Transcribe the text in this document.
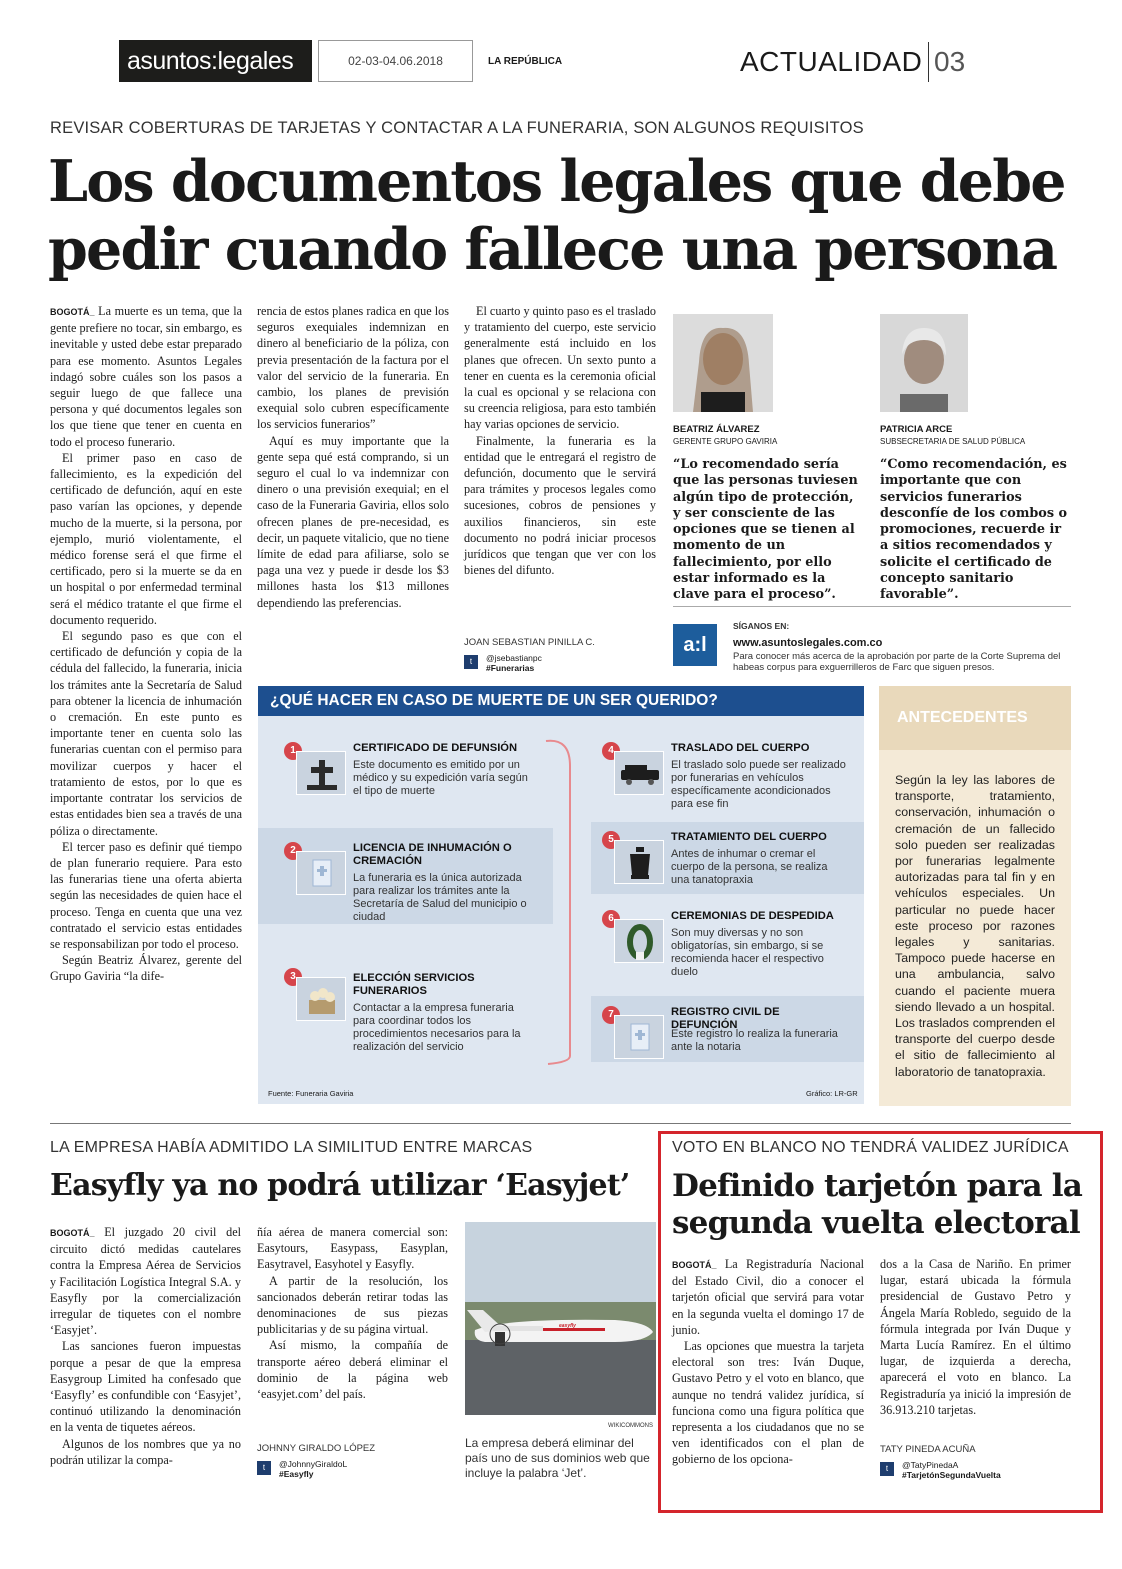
asuntos:legales	02-03-04.06.2018	LA REPÚBLICA	ACTUALIDAD 03
REVISAR COBERTURAS DE TARJETAS Y CONTACTAR A LA FUNERARIA, SON ALGUNOS REQUISITOS
Los documentos legales que debe
pedir cuando fallece una persona

BOGOTÁ_ La muerte es un tema, que la gente prefiere no tocar, sin embargo, es inevitable y usted debe estar preparado para ese momento. Asuntos Legales indagó sobre cuáles son los pasos a seguir luego de que fallece una persona y qué documentos legales son los que tiene que tener en cuenta en todo el proceso funerario.

El primer paso en caso de fallecimiento, es la expedición del certificado de defunción, aquí en este paso varían las opciones, y depende mucho de la muerte, si la persona, por ejemplo, murió violentamente, el médico forense será el que firme el certificado, pero si la muerte se da en un hospital o por enfermedad terminal será el médico tratante el que firme el documento requerido.

El segundo paso es que con el certificado de defunción y copia de la cédula del fallecido, la funeraria, inicia los trámites ante la Secretaría de Salud para obtener la licencia de inhumación o cremación. En este punto es importante tener en cuenta solo las funerarias cuentan con el permiso para movilizar cuerpos y hacer el tratamiento de estos, por lo que es importante contratar los servicios de estas entidades bien sea a través de una póliza o directamente.

El tercer paso es definir qué tiempo de plan funerario requiere. Para esto las funerarias tiene una oferta abierta según las necesidades de quien hace el proceso. Tenga en cuenta que una vez contratado el servicio estas entidades se responsabilizan por todo el proceso.

Según Beatriz Álvarez, gerente del Grupo Gaviria “la dife-

rencia de estos planes radica en que los seguros exequiales indemnizan en dinero al beneficiario de la póliza, con previa presentación de la factura por el valor del servicio de la funeraria. En cambio, los planes de previsión exequial solo cubren específicamente los servicios funerarios”

Aquí es muy importante que la gente sepa qué está comprando, si un seguro el cual lo va indemnizar con dinero o una previsión exequial; en el caso de la Funeraria Gaviria, ellos solo ofrecen planes de pre-necesidad, es decir, un paquete vitalicio, que no tiene límite de edad para afiliarse, solo se paga una vez y puede ir desde los $3 millones hasta los $13 millones dependiendo las preferencias.

El cuarto y quinto paso es el traslado y tratamiento del cuerpo, este servicio generalmente está incluido en los planes que ofrecen. Un sexto punto a tener en cuenta es la ceremonia oficial la cual es opcional y se relaciona con su creencia religiosa, para esto también hay varias opciones de servicio.

Finalmente, la funeraria es la entidad que le entregará el registro de defunción, documento que le servirá para trámites y procesos legales como sucesiones, cobros de pensiones y auxilios financieros, sin este documento no podrá iniciar procesos jurídicos que tengan que ver con los bienes del difunto.

JOAN SEBASTIAN PINILLA C.
t	@jsebastianpc
#Funerarias
BEATRIZ ÁLVAREZ
GERENTE GRUPO GAVIRIA
“Lo recomendado sería que las personas tuviesen algún tipo de protección, y ser consciente de las opciones que se tienen al momento de un fallecimiento, por ello estar informado es la clave para el proceso”.
PATRICIA ARCE
SUBSECRETARIA DE SALUD PÚBLICA
“Como recomendación, es importante que con servicios funerarios desconfíe de los combos o promociones, recuerde ir a sitios recomendados y solicite el certificado de concepto sanitario favorable”.
a:l
SÍGANOS EN:
www.asuntoslegales.com.co
Para conocer más acerca de la aprobación por parte de la Corte Suprema del habeas corpus para exguerrilleros de Farc que siguen presos.
¿QUÉ HACER EN CASO DE MUERTE DE UN SER QUERIDO?
1	CERTIFICADO DE DEFUNSIÓN
Este documento es emitido por un médico y su expedición varía según el tipo de muerte
2	LICENCIA DE INHUMACIÓN O CREMACIÓN
La funeraria es la única autorizada para realizar los trámites ante la Secretaría de Salud del municipio o ciudad
3	ELECCIÓN SERVICIOS FUNERARIOS
Contactar a la empresa funeraria para coordinar todos los procedimientos necesarios para la realización del servicio
4	TRASLADO DEL CUERPO
El traslado solo puede ser realizado por funerarias en vehículos específicamente acondicionados para ese fin
5	TRATAMIENTO DEL CUERPO
Antes de inhumar o cremar el cuerpo de la persona, se realiza una tanatopraxia
6	CEREMONIAS DE DESPEDIDA
Son muy diversas y no son obligatorías, sin embargo, si se recomienda hacer el respectivo duelo
7	REGISTRO CIVIL DE DEFUNCIÓN
Este registro lo realiza la funeraria ante la notaria
Fuente: Funeraria Gaviria	Gráfico: LR-GR
ANTECEDENTES
Según la ley las labores de transporte, tratamiento, conservación, inhumación o cremación de un fallecido solo pueden ser realizadas por funerarias legalmente autorizadas para tal fin y en vehículos especiales. Un particular no puede hacer este proceso por razones legales y sanitarias. Tampoco puede hacerse en una ambulancia, salvo cuando el paciente muera siendo llevado a un hospital. Los traslados comprenden el transporte del cuerpo desde el sitio de fallecimiento al laboratorio de tanatopraxia.
LA EMPRESA HABÍA ADMITIDO LA SIMILITUD ENTRE MARCAS
Easyfly ya no podrá utilizar ‘Easyjet’

BOGOTÁ_ El juzgado 20 civil del circuito dictó medidas cautelares contra la Empresa Aérea de Servicios y Facilitación Logística Integral S.A. y Easyfly por la comercialización irregular de tiquetes con el nombre ‘Easyjet’.

Las sanciones fueron impuestas porque a pesar de que la empresa Easygroup Limited ha confesado que ‘Easyfly’ es confundible con ‘Easyjet’, continuó utilizando la denominación en la venta de tiquetes aéreos.

Algunos de los nombres que ya no podrán utilizar la compa-

ñía aérea de manera comercial son: Easytours, Easypass, Easyplan, Easytravel, Easyhotel y Easyfly.

A partir de la resolución, los sancionados deberán retirar todas las denominaciones de sus piezas publicitarias y de su página virtual.

Así mismo, la compañía de transporte aéreo deberá eliminar el dominio de la página web ‘easyjet.com’ del país.

JOHNNY GIRALDO LÓPEZ
t	@JohnnyGiraldoL
#Easyfly
easyfly
WIKICOMMONS
La empresa deberá eliminar del país uno de sus dominios web que incluye la palabra ‘Jet’.
VOTO EN BLANCO NO TENDRÁ VALIDEZ JURÍDICA
Definido tarjetón para la
segunda vuelta electoral

BOGOTÁ_ La Registraduría Nacional del Estado Civil, dio a conocer el tarjetón oficial que servirá para votar en la segunda vuelta el domingo 17 de junio.

Las opciones que muestra la tarjeta electoral son tres: Iván Duque, Gustavo Petro y el voto en blanco, que aunque no tendrá validez jurídica, sí funciona como una figura política que representa a los ciudadanos que no se ven identificados con el plan de gobierno de los opciona-

dos a la Casa de Nariño. En primer lugar, estará ubicada la fórmula presidencial de Gustavo Petro y Ángela María Robledo, seguido de la fórmula integrada por Iván Duque y Marta Lucía Ramírez. En el último lugar, de izquierda a derecha, aparecerá el voto en blanco. La Registraduría ya inició la impresión de 36.913.210 tarjetas.

TATY PINEDA ACUÑA
t	@TatyPinedaA
#TarjetónSegundaVuelta
